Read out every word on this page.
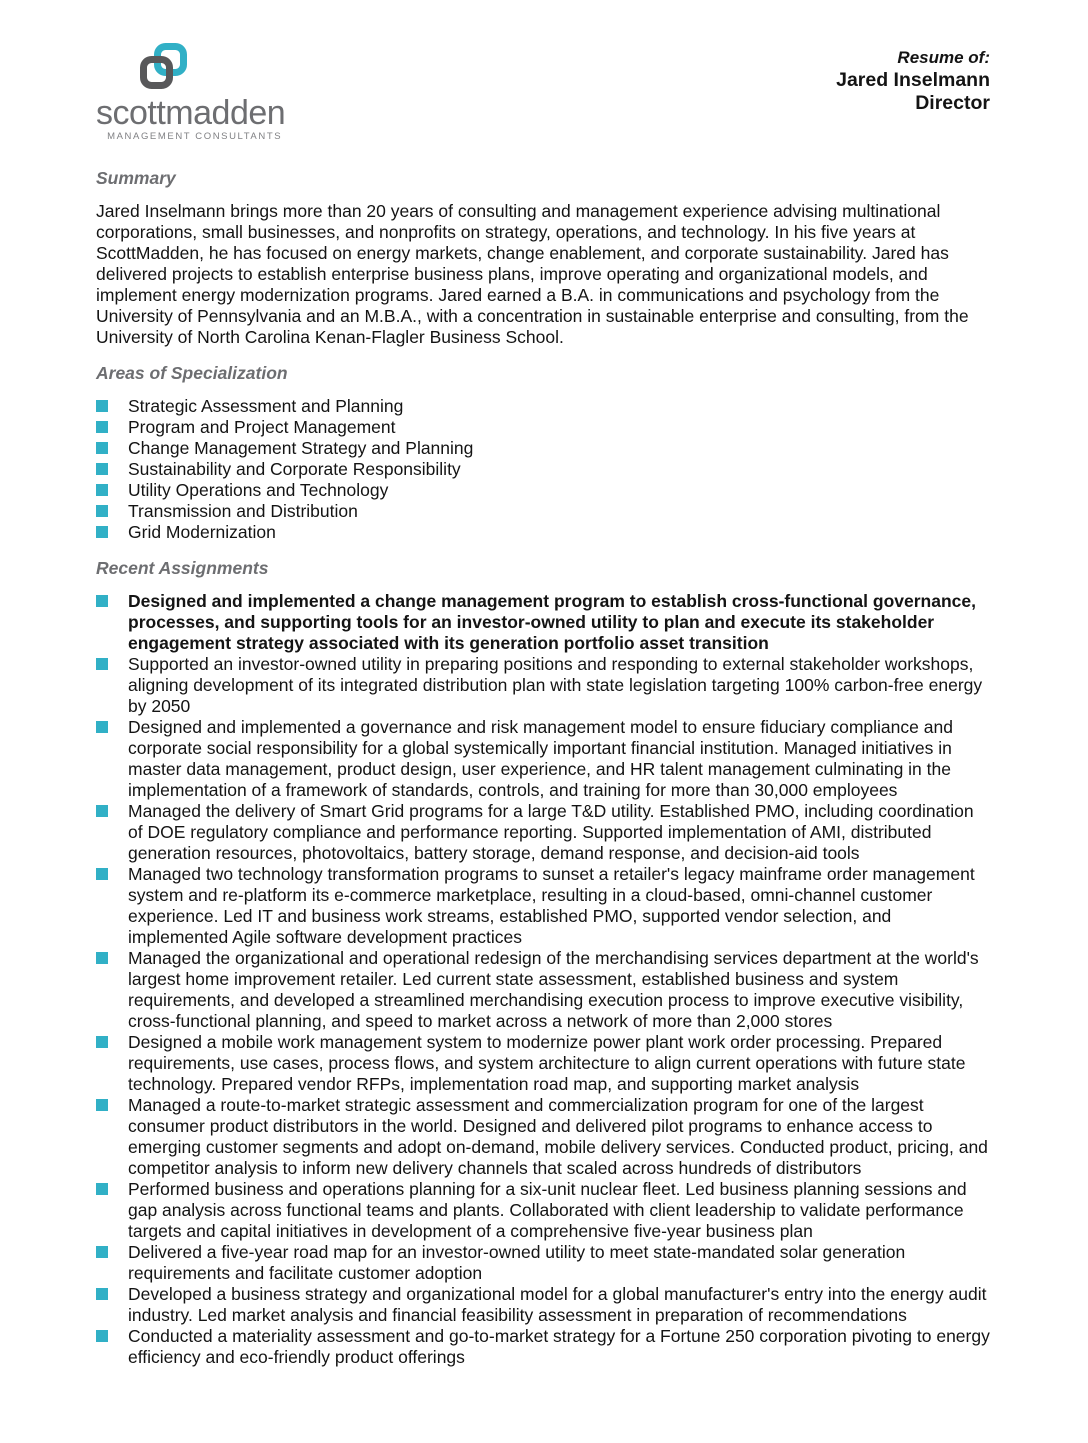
scottmadden
MANAGEMENT CONSULTANTS
Resume of:
Jared Inselmann
Director
Summary

Jared Inselmann brings more than 20 years of consulting and management experience advising multinational corporations, small businesses, and nonprofits on strategy, operations, and technology. In his five years at ScottMadden, he has focused on energy markets, change enablement, and corporate sustainability. Jared has delivered projects to establish enterprise business plans, improve operating and organizational models, and implement energy modernization programs. Jared earned a B.A. in communications and psychology from the University of Pennsylvania and an M.B.A., with a concentration in sustainable enterprise and consulting, from the University of North Carolina Kenan-Flagler Business School.

Areas of Specialization
Strategic Assessment and Planning
Program and Project Management
Change Management Strategy and Planning
Sustainability and Corporate Responsibility
Utility Operations and Technology
Transmission and Distribution
Grid Modernization
Recent Assignments
Designed and implemented a change management program to establish cross-functional governance, processes, and supporting tools for an investor-owned utility to plan and execute its stakeholder engagement strategy associated with its generation portfolio asset transition
Supported an investor-owned utility in preparing positions and responding to external stakeholder workshops, aligning development of its integrated distribution plan with state legislation targeting 100% carbon-free energy by 2050
Designed and implemented a governance and risk management model to ensure fiduciary compliance and corporate social responsibility for a global systemically important financial institution. Managed initiatives in master data management, product design, user experience, and HR talent management culminating in the implementation of a framework of standards, controls, and training for more than 30,000 employees
Managed the delivery of Smart Grid programs for a large T&D utility. Established PMO, including coordination of DOE regulatory compliance and performance reporting. Supported implementation of AMI, distributed generation resources, photovoltaics, battery storage, demand response, and decision-aid tools
Managed two technology transformation programs to sunset a retailer's legacy mainframe order management system and re-platform its e-commerce marketplace, resulting in a cloud-based, omni-channel customer experience. Led IT and business work streams, established PMO, supported vendor selection, and implemented Agile software development practices
Managed the organizational and operational redesign of the merchandising services department at the world's largest home improvement retailer. Led current state assessment, established business and system requirements, and developed a streamlined merchandising execution process to improve executive visibility, cross-functional planning, and speed to market across a network of more than 2,000 stores
Designed a mobile work management system to modernize power plant work order processing. Prepared requirements, use cases, process flows, and system architecture to align current operations with future state technology. Prepared vendor RFPs, implementation road map, and supporting market analysis
Managed a route-to-market strategic assessment and commercialization program for one of the largest consumer product distributors in the world. Designed and delivered pilot programs to enhance access to emerging customer segments and adopt on-demand, mobile delivery services. Conducted product, pricing, and competitor analysis to inform new delivery channels that scaled across hundreds of distributors
Performed business and operations planning for a six-unit nuclear fleet. Led business planning sessions and gap analysis across functional teams and plants. Collaborated with client leadership to validate performance targets and capital initiatives in development of a comprehensive five-year business plan
Delivered a five-year road map for an investor-owned utility to meet state-mandated solar generation requirements and facilitate customer adoption
Developed a business strategy and organizational model for a global manufacturer's entry into the energy audit industry. Led market analysis and financial feasibility assessment in preparation of recommendations
Conducted a materiality assessment and go-to-market strategy for a Fortune 250 corporation pivoting to energy efficiency and eco-friendly product offerings
